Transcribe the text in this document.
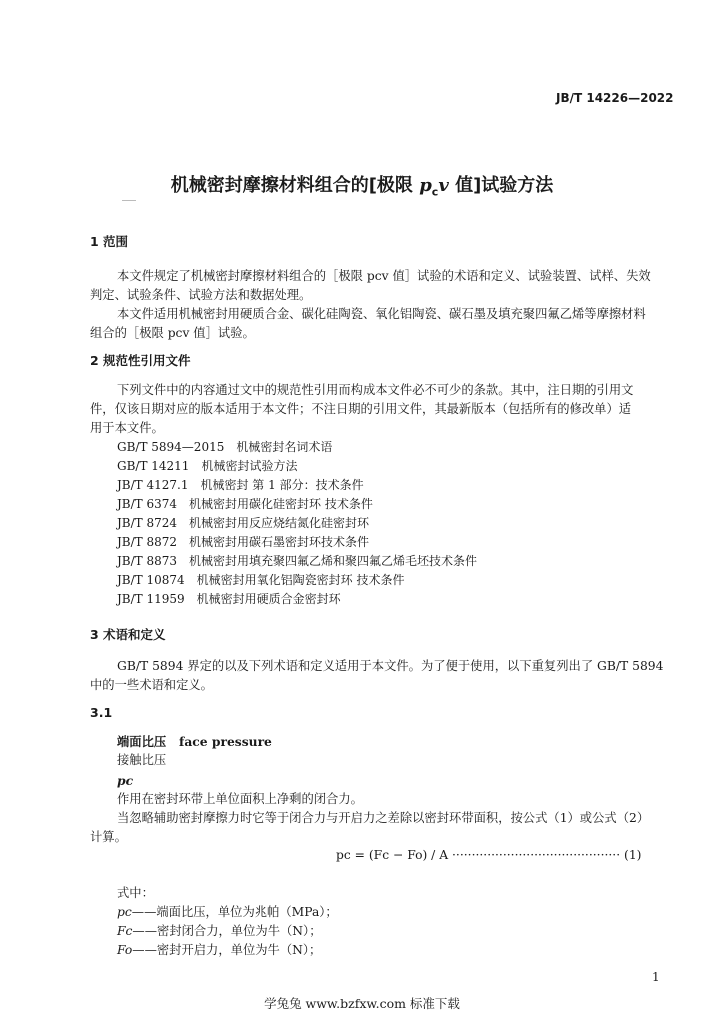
JB/T 14226—2022
机械密封摩擦材料组合的[极限 $p_cv$ 值]试验方法
1 范围
本文件规定了机械密封摩擦材料组合的［极限 pcv 值］试验的术语和定义、试验装置、试样、失效
判定、试验条件、试验方法和数据处理。
本文件适用机械密封用硬质合金、碳化硅陶瓷、氧化铝陶瓷、碳石墨及填充聚四氟乙烯等摩擦材料
组合的［极限 pcv 值］试验。
2 规范性引用文件
下列文件中的内容通过文中的规范性引用而构成本文件必不可少的条款。其中，注日期的引用文
件，仅该日期对应的版本适用于本文件；不注日期的引用文件，其最新版本（包括所有的修改单）适
用于本文件。
GB/T 5894—2015 机械密封名词术语
GB/T 14211 机械密封试验方法
JB/T 4127.1 机械密封 第 1 部分：技术条件
JB/T 6374 机械密封用碳化硅密封环 技术条件
JB/T 8724 机械密封用反应烧结氮化硅密封环
JB/T 8872 机械密封用碳石墨密封环技术条件
JB/T 8873 机械密封用填充聚四氟乙烯和聚四氟乙烯毛坯技术条件
JB/T 10874 机械密封用氧化铝陶瓷密封环 技术条件
JB/T 11959 机械密封用硬质合金密封环
3 术语和定义
GB/T 5894 界定的以及下列术语和定义适用于本文件。为了便于使用，以下重复列出了 GB/T 5894
中的一些术语和定义。
3.1
端面比压 face pressure
接触比压
pc
作用在密封环带上单位面积上净剩的闭合力。
当忽略辅助密封摩擦力时它等于闭合力与开启力之差除以密封环带面积，按公式（1）或公式（2）
计算。
pc = (Fc − Fo) / A ··········································· (1)
式中：
pc——端面比压，单位为兆帕（MPa）；
Fc——密封闭合力，单位为牛（N）；
Fo——密封开启力，单位为牛（N）；
1
学兔兔 www.bzfxw.com 标准下载
